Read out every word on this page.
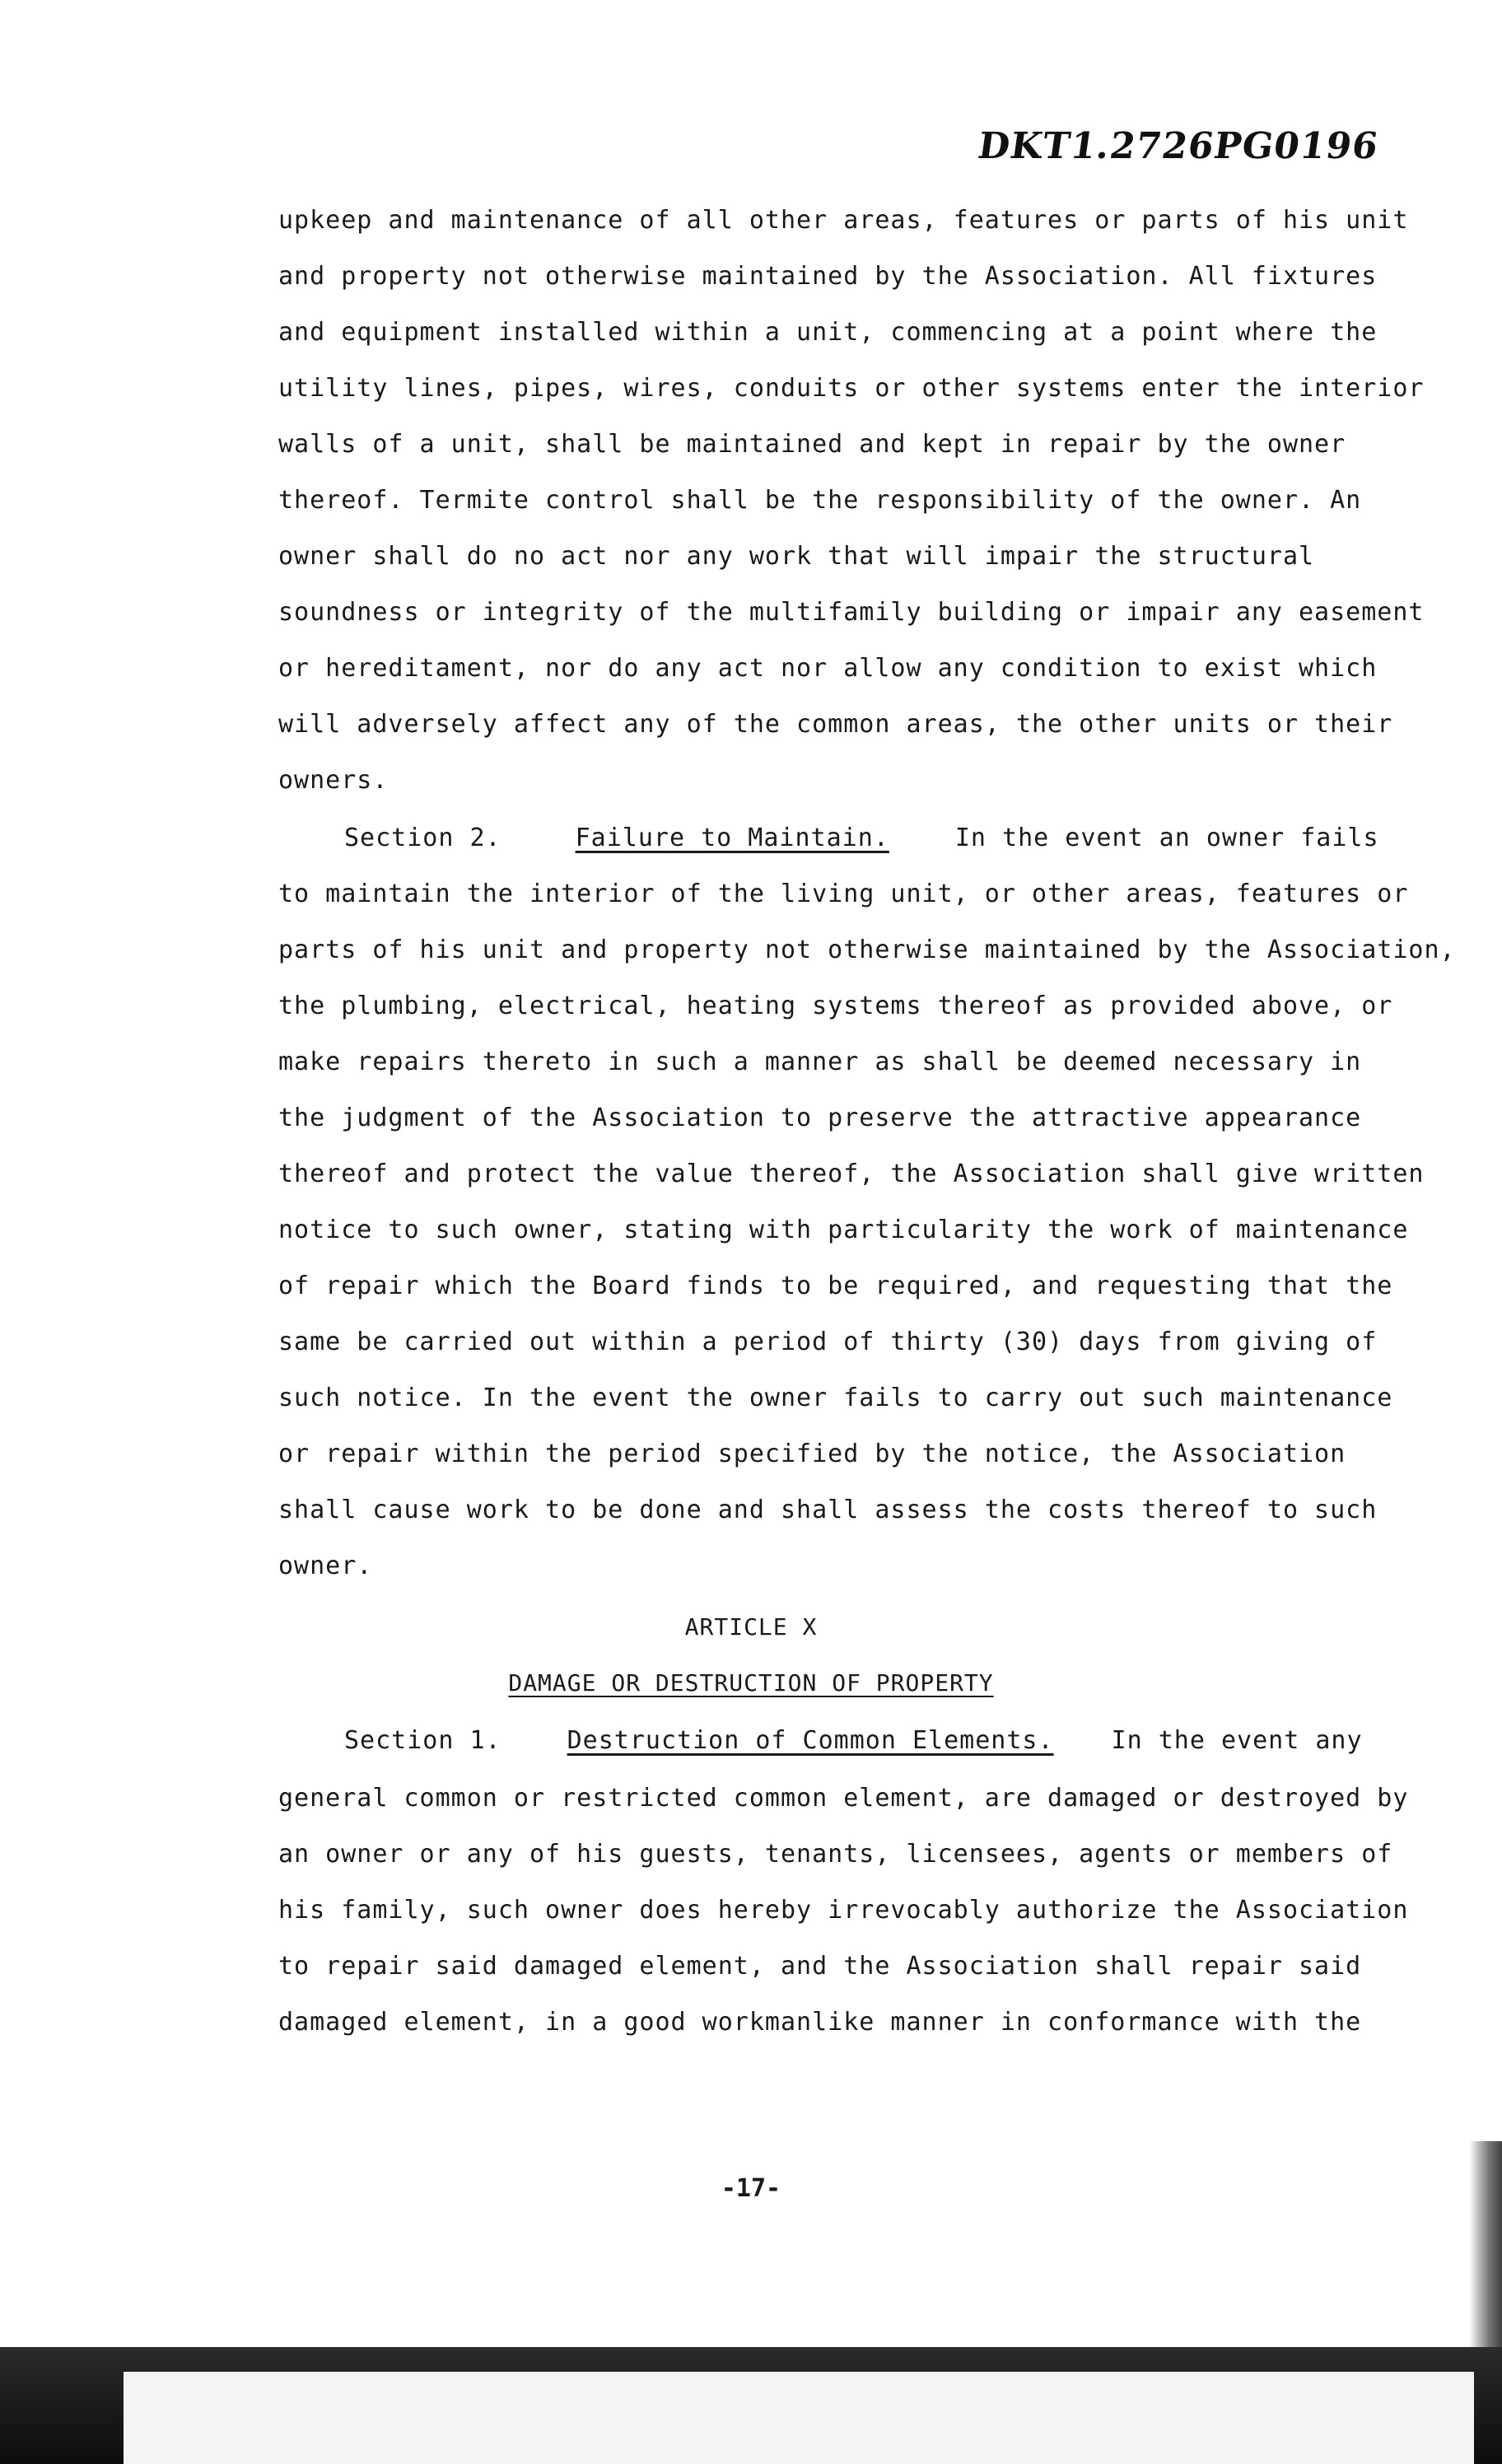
DKT1.2726PG0196
upkeep and maintenance of all other areas, features or parts of his unit
and property not otherwise maintained by the Association. All fixtures
and equipment installed within a unit, commencing at a point where the
utility lines, pipes, wires, conduits or other systems enter the interior
walls of a unit, shall be maintained and kept in repair by the owner
thereof. Termite control shall be the responsibility of the owner. An
owner shall do no act nor any work that will impair the structural
soundness or integrity of the multifamily building or impair any easement
or hereditament, nor do any act nor allow any condition to exist which
will adversely affect any of the common areas, the other units or their
owners.
Section 2.	Failure to Maintain.	In the event an owner fails
to maintain the interior of the living unit, or other areas, features or
parts of his unit and property not otherwise maintained by the Association,
the plumbing, electrical, heating systems thereof as provided above, or
make repairs thereto in such a manner as shall be deemed necessary in
the judgment of the Association to preserve the attractive appearance
thereof and protect the value thereof, the Association shall give written
notice to such owner, stating with particularity the work of maintenance
of repair which the Board finds to be required, and requesting that the
same be carried out within a period of thirty (30) days from giving of
such notice. In the event the owner fails to carry out such maintenance
or repair within the period specified by the notice, the Association
shall cause work to be done and shall assess the costs thereof to such
owner.
ARTICLE X
DAMAGE OR DESTRUCTION OF PROPERTY
Section 1.	Destruction of Common Elements. In the event any
general common or restricted common element, are damaged or destroyed by
an owner or any of his guests, tenants, licensees, agents or members of
his family, such owner does hereby irrevocably authorize the Association
to repair said damaged element, and the Association shall repair said
damaged element, in a good workmanlike manner in conformance with the
-17-
